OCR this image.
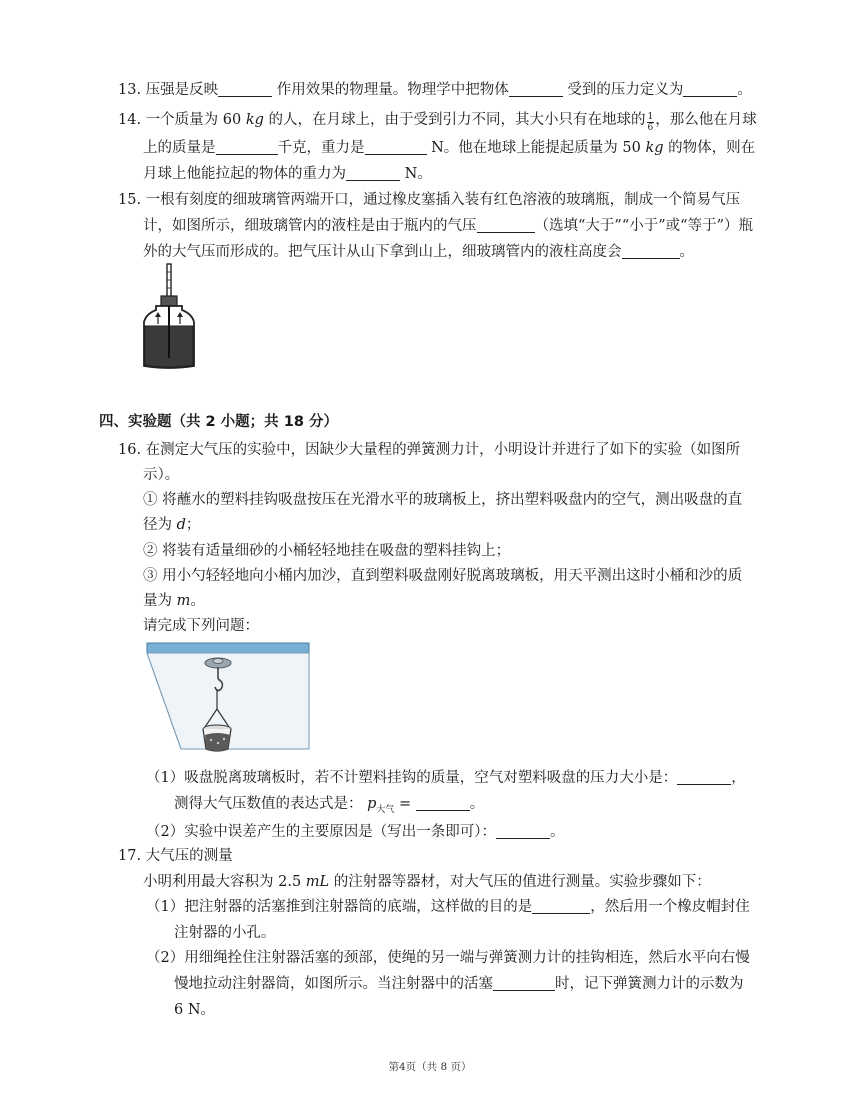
13. 压强是反映	作用效果的物理量。物理学中把物体	受到的压力定义为	。
14. 一个质量为 60 kg 的人，在月球上，由于受到引力不同，其大小只有在地球的 $\frac{1}{6}$ ，那么他在月球
上的质量是	千克，重力是	N。他在地球上能提起质量为 50 kg 的物体，则在
月球上他能拉起的物体的重力为	N。
15. 一根有刻度的细玻璃管两端开口，通过橡皮塞插入装有红色溶液的玻璃瓶，制成一个简易气压
计，如图所示，细玻璃管内的液柱是由于瓶内的气压	（选填“大于”“小于”或“等于”）瓶
外的大气压而形成的。把气压计从山下拿到山上，细玻璃管内的液柱高度会	。
四、实验题（共 2 小题；共 18 分）
16. 在测定大气压的实验中，因缺少大量程的弹簧测力计，小明设计并进行了如下的实验（如图所
示）。
① 将蘸水的塑料挂钩吸盘按压在光滑水平的玻璃板上，挤出塑料吸盘内的空气，测出吸盘的直
径为 d；
② 将装有适量细砂的小桶轻轻地挂在吸盘的塑料挂钩上；
③ 用小勺轻轻地向小桶内加沙，直到塑料吸盘刚好脱离玻璃板，用天平测出这时小桶和沙的质
量为 m。
请完成下列问题：
（1）吸盘脱离玻璃板时，若不计塑料挂钩的质量，空气对塑料吸盘的压力大小是：	，
测得大气压数值的表达式是： $p_{大气}$ =	。
（2）实验中误差产生的主要原因是（写出一条即可）：	。
17. 大气压的测量
小明利用最大容积为 2.5 mL 的注射器等器材，对大气压的值进行测量。实验步骤如下：
（1）把注射器的活塞推到注射器筒的底端，这样做的目的是	，然后用一个橡皮帽封住
注射器的小孔。
（2）用细绳拴住注射器活塞的颈部，使绳的另一端与弹簧测力计的挂钩相连，然后水平向右慢
慢地拉动注射器筒，如图所示。当注射器中的活塞	时，记下弹簧测力计的示数为
6 N。
第4页（共 8 页）
